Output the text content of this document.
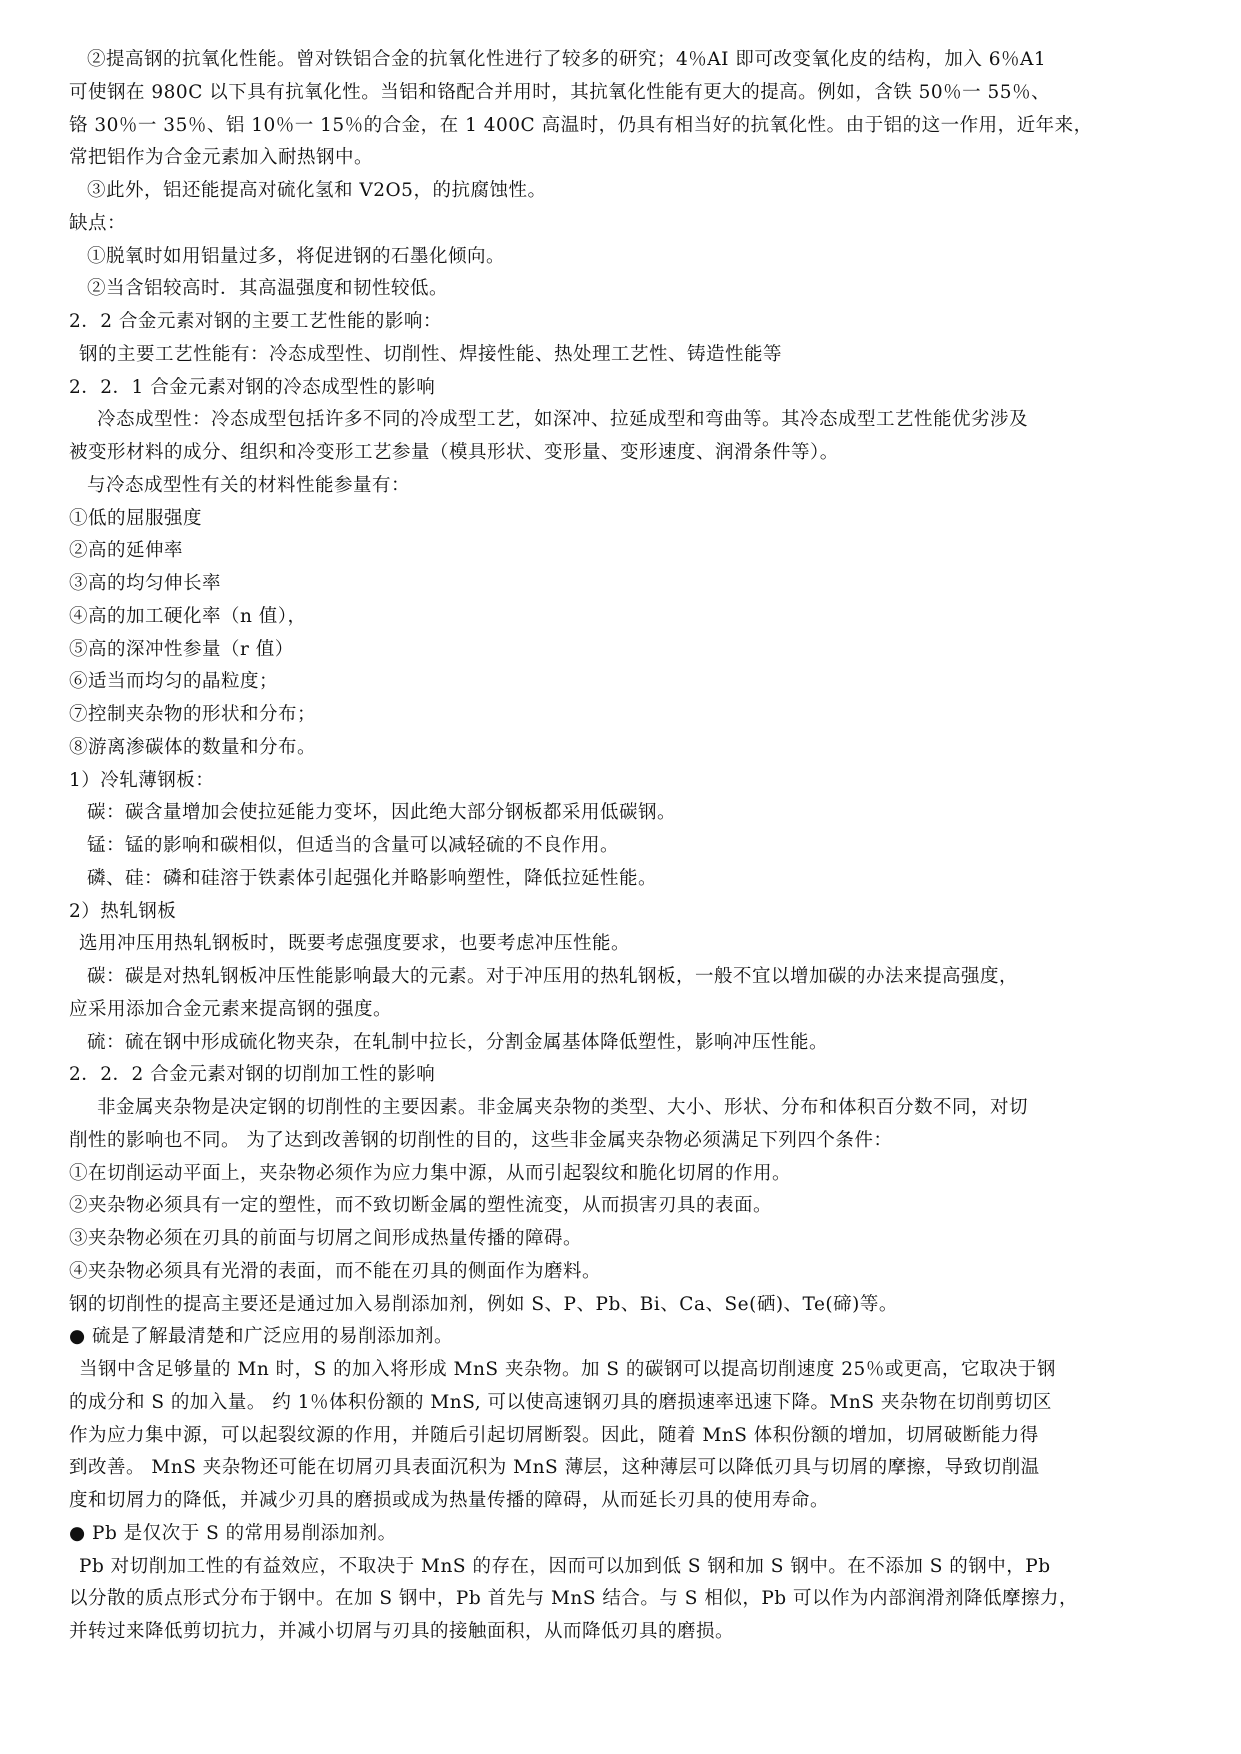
②提高钢的抗氧化性能。曾对铁铝合金的抗氧化性进行了较多的研究；4％AI 即可改变氧化皮的结构，加入 6％A1
可使钢在 980C 以下具有抗氧化性。当铝和铬配合并用时，其抗氧化性能有更大的提高。例如，含铁 50％一 55％、
铬 30％一 35％、铝 10％一 15％的合金，在 1 400C 高温时，仍具有相当好的抗氧化性。由于铝的这一作用，近年来，
常把铝作为合金元素加入耐热钢中。
③此外，铝还能提高对硫化氢和 V2O5，的抗腐蚀性。
缺点：
①脱氧时如用铝量过多，将促进钢的石墨化倾向。
②当含铝较高时．其高温强度和韧性较低。
2．2 合金元素对钢的主要工艺性能的影响：
钢的主要工艺性能有：冷态成型性、切削性、焊接性能、热处理工艺性、铸造性能等
2．2．1 合金元素对钢的冷态成型性的影响
冷态成型性：冷态成型包括许多不同的冷成型工艺，如深冲、拉延成型和弯曲等。其冷态成型工艺性能优劣涉及
被变形材料的成分、组织和冷变形工艺参量（模具形状、变形量、变形速度、润滑条件等）。
与冷态成型性有关的材料性能参量有：
①低的屈服强度
②高的延伸率
③高的均匀伸长率
④高的加工硬化率（n 值），
⑤高的深冲性参量（r 值）
⑥适当而均匀的晶粒度；
⑦控制夹杂物的形状和分布；
⑧游离渗碳体的数量和分布。
1）冷轧薄钢板：
碳：碳含量增加会使拉延能力变坏，因此绝大部分钢板都采用低碳钢。
锰：锰的影响和碳相似，但适当的含量可以减轻硫的不良作用。
磷、硅：磷和硅溶于铁素体引起强化并略影响塑性，降低拉延性能。
2）热轧钢板
选用冲压用热轧钢板时，既要考虑强度要求，也要考虑冲压性能。
碳：碳是对热轧钢板冲压性能影响最大的元素。对于冲压用的热轧钢板，一般不宜以增加碳的办法来提高强度，
应采用添加合金元素来提高钢的强度。
硫：硫在钢中形成硫化物夹杂，在轧制中拉长，分割金属基体降低塑性，影响冲压性能。
2．2．2 合金元素对钢的切削加工性的影响
非金属夹杂物是决定钢的切削性的主要因素。非金属夹杂物的类型、大小、形状、分布和体积百分数不同，对切
削性的影响也不同。 为了达到改善钢的切削性的目的，这些非金属夹杂物必须满足下列四个条件：
①在切削运动平面上，夹杂物必须作为应力集中源，从而引起裂纹和脆化切屑的作用。
②夹杂物必须具有一定的塑性，而不致切断金属的塑性流变，从而损害刃具的表面。
③夹杂物必须在刃具的前面与切屑之间形成热量传播的障碍。
④夹杂物必须具有光滑的表面，而不能在刃具的侧面作为磨料。
钢的切削性的提高主要还是通过加入易削添加剂，例如 S、P、Pb、Bi、Ca、Se(硒)、Te(碲)等。
● 硫是了解最清楚和广泛应用的易削添加剂。
当钢中含足够量的 Mn 时，S 的加入将形成 MnS 夹杂物。加 S 的碳钢可以提高切削速度 25％或更高，它取决于钢
的成分和 S 的加入量。 约 1％体积份额的 MnS, 可以使高速钢刃具的磨损速率迅速下降。MnS 夹杂物在切削剪切区
作为应力集中源，可以起裂纹源的作用，并随后引起切屑断裂。因此，随着 MnS 体积份额的增加，切屑破断能力得
到改善。 MnS 夹杂物还可能在切屑刃具表面沉积为 MnS 薄层，这种薄层可以降低刃具与切屑的摩擦，导致切削温
度和切屑力的降低，并减少刃具的磨损或成为热量传播的障碍，从而延长刃具的使用寿命。
● Pb 是仅次于 S 的常用易削添加剂。
Pb 对切削加工性的有益效应，不取决于 MnS 的存在，因而可以加到低 S 钢和加 S 钢中。在不添加 S 的钢中，Pb
以分散的质点形式分布于钢中。在加 S 钢中，Pb 首先与 MnS 结合。与 S 相似，Pb 可以作为内部润滑剂降低摩擦力，
并转过来降低剪切抗力，并减小切屑与刃具的接触面积，从而降低刃具的磨损。
